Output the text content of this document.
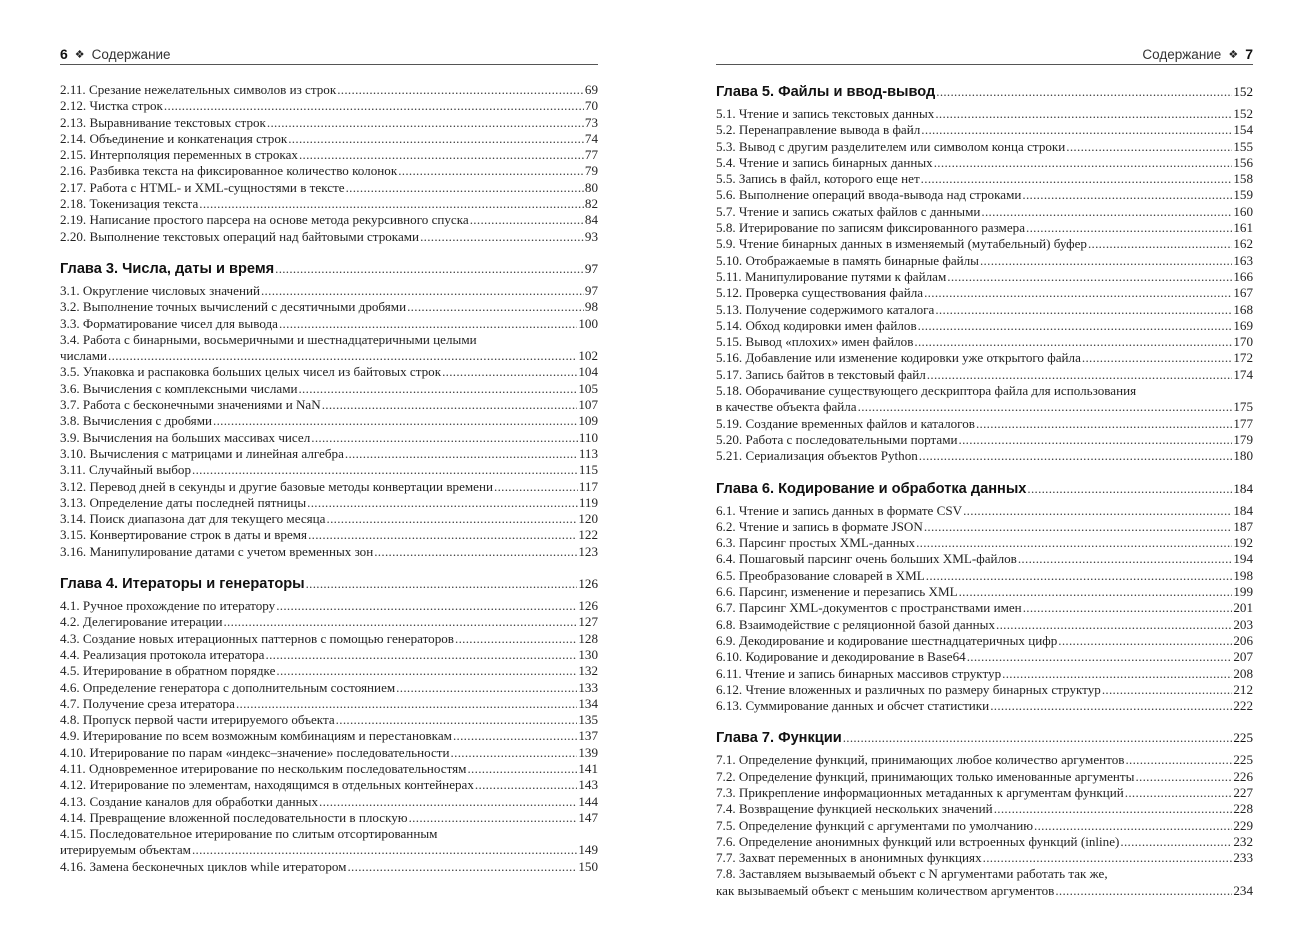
6 ❖ Содержание
2.11. Срезание нежелательных символов из строк .....	69
2.12. Чистка строк .....	70
2.13. Выравнивание текстовых строк .....	73
2.14. Объединение и конкатенация строк .....	74
2.15. Интерполяция переменных в строках .....	77
2.16. Разбивка текста на фиксированное количество колонок .....	79
2.17. Работа с HTML- и XML-сущностями в тексте .....	80
2.18. Токенизация текста .....	82
2.19. Написание простого парсера на основе метода рекурсивного спуска .....	84
2.20. Выполнение текстовых операций над байтовыми строками .....	93
Глава 3. Числа, даты и время .....	97
3.1. Округление числовых значений .....	97
3.2. Выполнение точных вычислений с десятичными дробями .....	98
3.3. Форматирование чисел для вывода .....	100
3.4. Работа с бинарными, восьмеричными и шестнадцатеричными целыми
числами .....	102
3.5. Упаковка и распаковка больших целых чисел из байтовых строк .....	104
3.6. Вычисления с комплексными числами .....	105
3.7. Работа с бесконечными значениями и NaN .....	107
3.8. Вычисления с дробями .....	109
3.9. Вычисления на больших массивах чисел .....	110
3.10. Вычисления с матрицами и линейная алгебра .....	113
3.11. Случайный выбор .....	115
3.12. Перевод дней в секунды и другие базовые методы конвертации времени .....	117
3.13. Определение даты последней пятницы .....	119
3.14. Поиск диапазона дат для текущего месяца .....	120
3.15. Конвертирование строк в даты и время .....	122
3.16. Манипулирование датами с учетом временных зон .....	123
Глава 4. Итераторы и генераторы .....	126
4.1. Ручное прохождение по итератору .....	126
4.2. Делегирование итерации .....	127
4.3. Создание новых итерационных паттернов с помощью генераторов .....	128
4.4. Реализация протокола итератора .....	130
4.5. Итерирование в обратном порядке .....	132
4.6. Определение генератора с дополнительным состоянием .....	133
4.7. Получение среза итератора .....	134
4.8. Пропуск первой части итерируемого объекта .....	135
4.9. Итерирование по всем возможным комбинациям и перестановкам .....	137
4.10. Итерирование по парам «индекс–значение» последовательности .....	139
4.11. Одновременное итерирование по нескольким последовательностям .....	141
4.12. Итерирование по элементам, находящимся в отдельных контейнерах .....	143
4.13. Создание каналов для обработки данных .....	144
4.14. Превращение вложенной последовательности в плоскую .....	147
4.15. Последовательное итерирование по слитым отсортированным
итерируемым объектам .....	149
4.16. Замена бесконечных циклов while итератором .....	150
Содержание ❖ 7
Глава 5. Файлы и ввод-вывод .....	152
5.1. Чтение и запись текстовых данных .....	152
5.2. Перенаправление вывода в файл .....	154
5.3. Вывод с другим разделителем или символом конца строки .....	155
5.4. Чтение и запись бинарных данных .....	156
5.5. Запись в файл, которого еще нет .....	158
5.6. Выполнение операций ввода-вывода над строками .....	159
5.7. Чтение и запись сжатых файлов с данными .....	160
5.8. Итерирование по записям фиксированного размера .....	161
5.9. Чтение бинарных данных в изменяемый (мутабельный) буфер .....	162
5.10. Отображаемые в память бинарные файлы .....	163
5.11. Манипулирование путями к файлам .....	166
5.12. Проверка существования файла .....	167
5.13. Получение содержимого каталога .....	168
5.14. Обход кодировки имен файлов .....	169
5.15. Вывод «плохих» имен файлов .....	170
5.16. Добавление или изменение кодировки уже открытого файла .....	172
5.17. Запись байтов в текстовый файл .....	174
5.18. Оборачивание существующего дескриптора файла для использования
в качестве объекта файла .....	175
5.19. Создание временных файлов и каталогов .....	177
5.20. Работа с последовательными портами .....	179
5.21. Сериализация объектов Python .....	180
Глава 6. Кодирование и обработка данных .....	184
6.1. Чтение и запись данных в формате CSV .....	184
6.2. Чтение и запись в формате JSON .....	187
6.3. Парсинг простых XML-данных .....	192
6.4. Пошаговый парсинг очень больших XML-файлов .....	194
6.5. Преобразование словарей в XML .....	198
6.6. Парсинг, изменение и перезапись XML .....	199
6.7. Парсинг XML-документов с пространствами имен .....	201
6.8. Взаимодействие с реляционной базой данных .....	203
6.9. Декодирование и кодирование шестнадцатеричных цифр .....	206
6.10. Кодирование и декодирование в Base64 .....	207
6.11. Чтение и запись бинарных массивов структур .....	208
6.12. Чтение вложенных и различных по размеру бинарных структур .....	212
6.13. Суммирование данных и обсчет статистики .....	222
Глава 7. Функции .....	225
7.1. Определение функций, принимающих любое количество аргументов .....	225
7.2. Определение функций, принимающих только именованные аргументы .....	226
7.3. Прикрепление информационных метаданных к аргументам функций .....	227
7.4. Возвращение функцией нескольких значений .....	228
7.5. Определение функций с аргументами по умолчанию .....	229
7.6. Определение анонимных функций или встроенных функций (inline) .....	232
7.7. Захват переменных в анонимных функциях .....	233
7.8. Заставляем вызываемый объект с N аргументами работать так же,
как вызываемый объект с меньшим количеством аргументов .....	234
